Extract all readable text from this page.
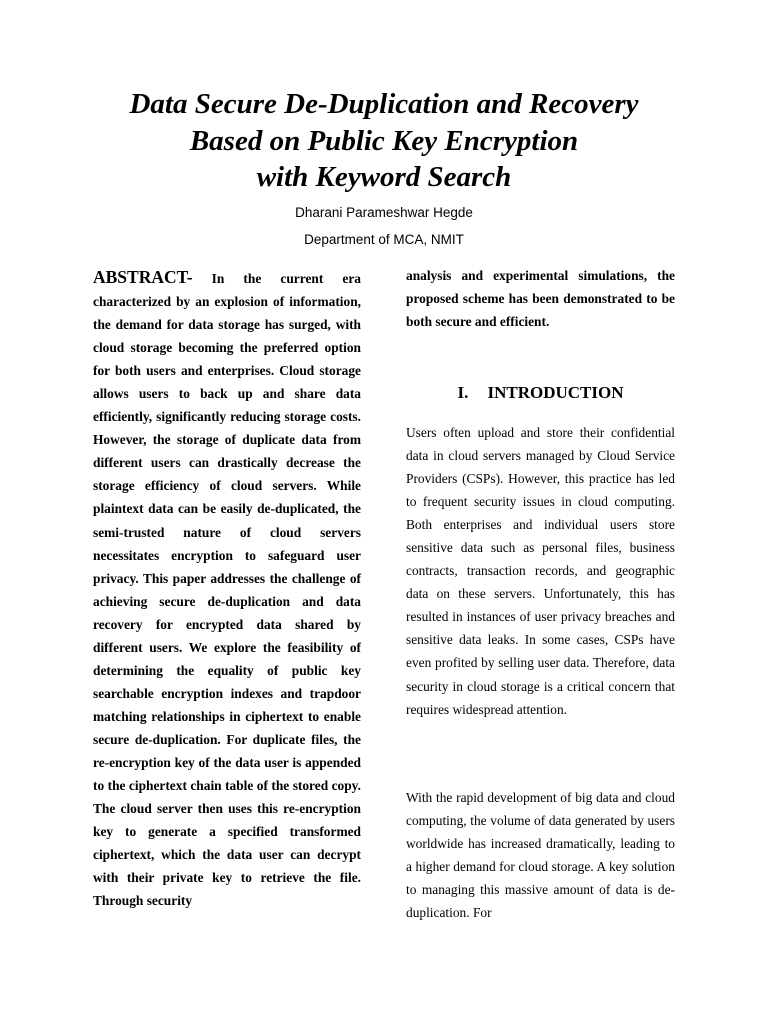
Data Secure De-Duplication and Recovery
Based on Public Key Encryption
with Keyword Search

Dharani Parameshwar Hegde

Department of MCA, NMIT

ABSTRACT- In the current era characterized by an explosion of information, the demand for data storage has surged, with cloud storage becoming the preferred option for both users and enterprises. Cloud storage allows users to back up and share data efficiently, significantly reducing storage costs. However, the storage of duplicate data from different users can drastically decrease the storage efficiency of cloud servers. While plaintext data can be easily de-duplicated, the semi-trusted nature of cloud servers necessitates encryption to safeguard user privacy. This paper addresses the challenge of achieving secure de-duplication and data recovery for encrypted data shared by different users. We explore the feasibility of determining the equality of public key searchable encryption indexes and trapdoor matching relationships in ciphertext to enable secure de-duplication. For duplicate files, the re-encryption key of the data user is appended to the ciphertext chain table of the stored copy. The cloud server then uses this re-encryption key to generate a specified transformed ciphertext, which the data user can decrypt with their private key to retrieve the file. Through security

analysis and experimental simulations, the proposed scheme has been demonstrated to be both secure and efficient.

I. INTRODUCTION

Users often upload and store their confidential data in cloud servers managed by Cloud Service Providers (CSPs). However, this practice has led to frequent security issues in cloud computing. Both enterprises and individual users store sensitive data such as personal files, business contracts, transaction records, and geographic data on these servers. Unfortunately, this has resulted in instances of user privacy breaches and sensitive data leaks. In some cases, CSPs have even profited by selling user data. Therefore, data security in cloud storage is a critical concern that requires widespread attention.

With the rapid development of big data and cloud computing, the volume of data generated by users worldwide has increased dramatically, leading to a higher demand for cloud storage. A key solution to managing this massive amount of data is de-duplication. For
